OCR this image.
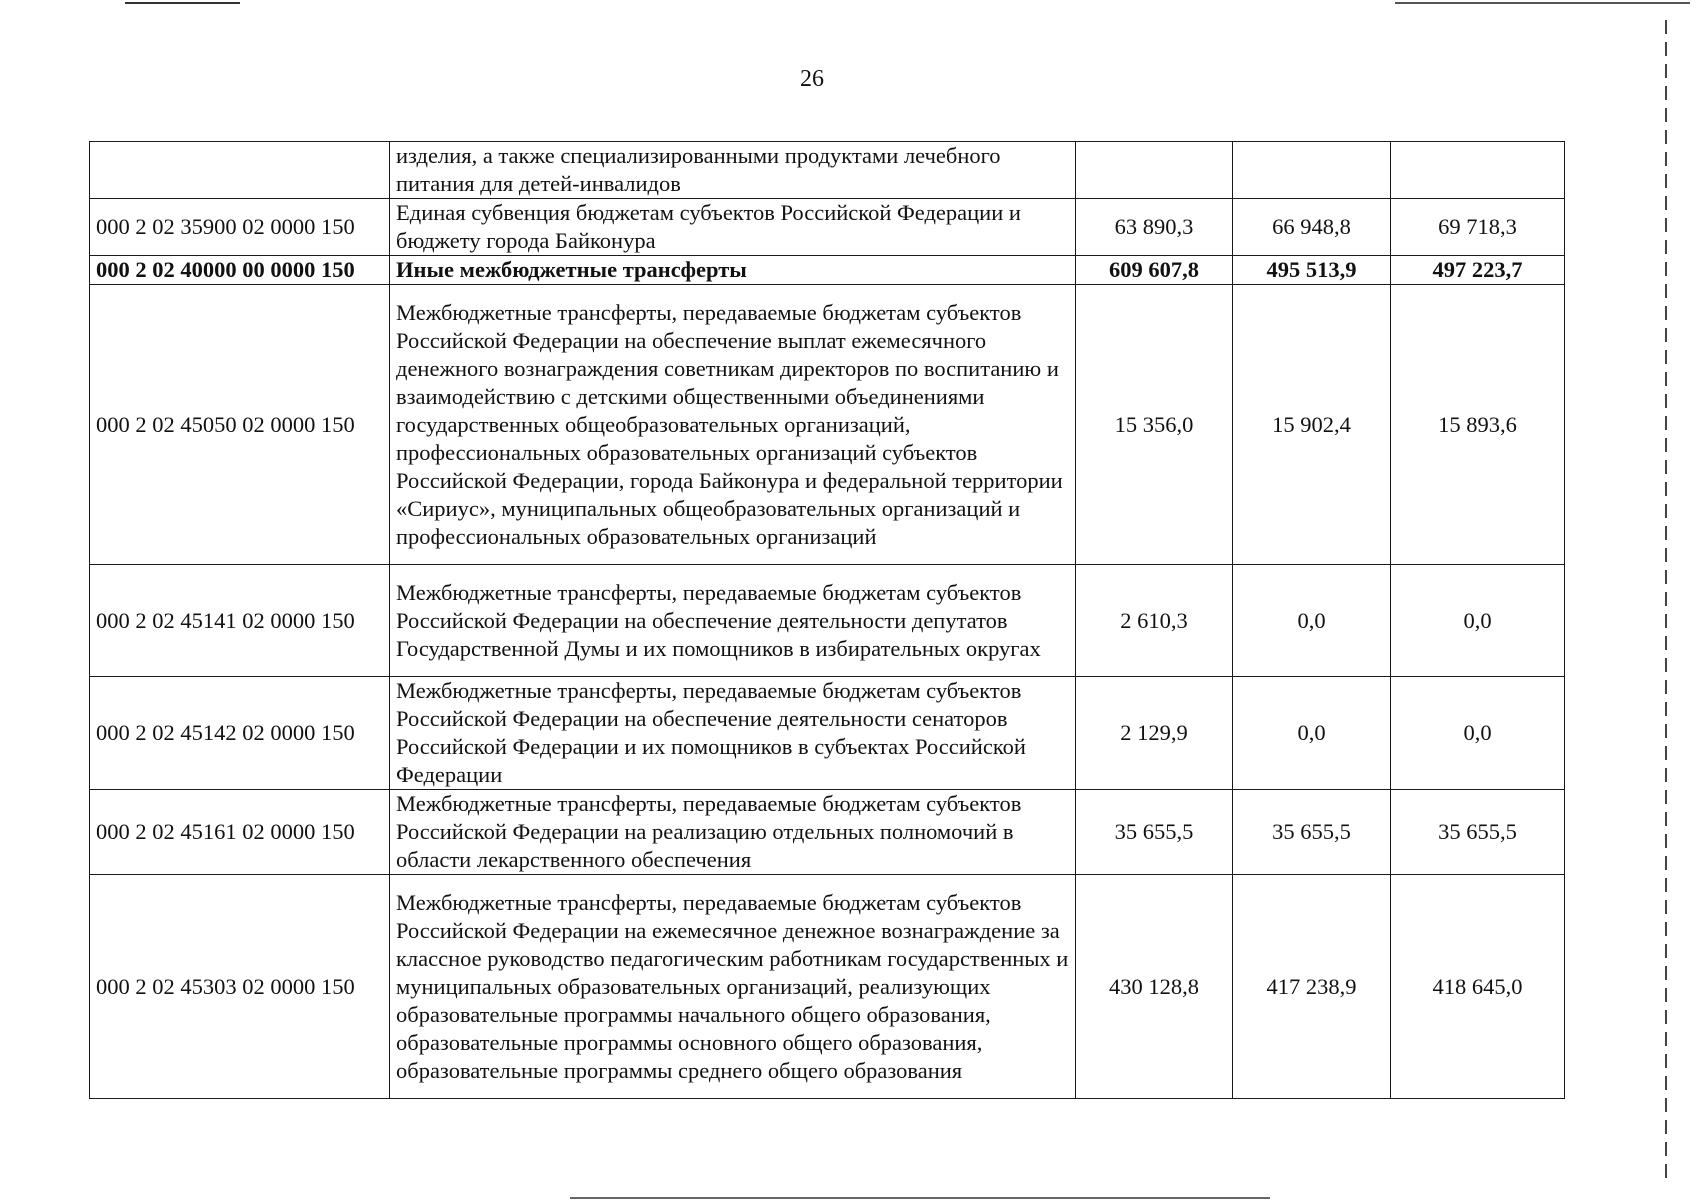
26
	изделия, а также специализированными продуктами лечебного питания для детей-инвалидов			
000 2 02 35900 02 0000 150	Единая субвенция бюджетам субъектов Российской Федерации и бюджету города Байконура	63 890,3	66 948,8	69 718,3
000 2 02 40000 00 0000 150	Иные межбюджетные трансферты	609 607,8	495 513,9	497 223,7
000 2 02 45050 02 0000 150	Межбюджетные трансферты, передаваемые бюджетам субъектов Российской Федерации на обеспечение выплат ежемесячного денежного вознаграждения советникам директоров по воспитанию и взаимодействию с детскими общественными объединениями государственных общеобразовательных организаций, профессиональных образовательных организаций субъектов Российской Федерации, города Байконура и федеральной территории «Сириус», муниципальных общеобразовательных организаций и профессиональных образовательных организаций	15 356,0	15 902,4	15 893,6
000 2 02 45141 02 0000 150	Межбюджетные трансферты, передаваемые бюджетам субъектов Российской Федерации на обеспечение деятельности депутатов Государственной Думы и их помощников в избирательных округах	2 610,3	0,0	0,0
000 2 02 45142 02 0000 150	Межбюджетные трансферты, передаваемые бюджетам субъектов Российской Федерации на обеспечение деятельности сенаторов Российской Федерации и их помощников в субъектах Российской Федерации	2 129,9	0,0	0,0
000 2 02 45161 02 0000 150	Межбюджетные трансферты, передаваемые бюджетам субъектов Российской Федерации на реализацию отдельных полномочий в области лекарственного обеспечения	35 655,5	35 655,5	35 655,5
000 2 02 45303 02 0000 150	Межбюджетные трансферты, передаваемые бюджетам субъектов Российской Федерации на ежемесячное денежное вознаграждение за классное руководство педагогическим работникам государственных и муниципальных образовательных организаций, реализующих образовательные программы начального общего образования, образовательные программы основного общего образования, образовательные программы среднего общего образования	430 128,8	417 238,9	418 645,0
